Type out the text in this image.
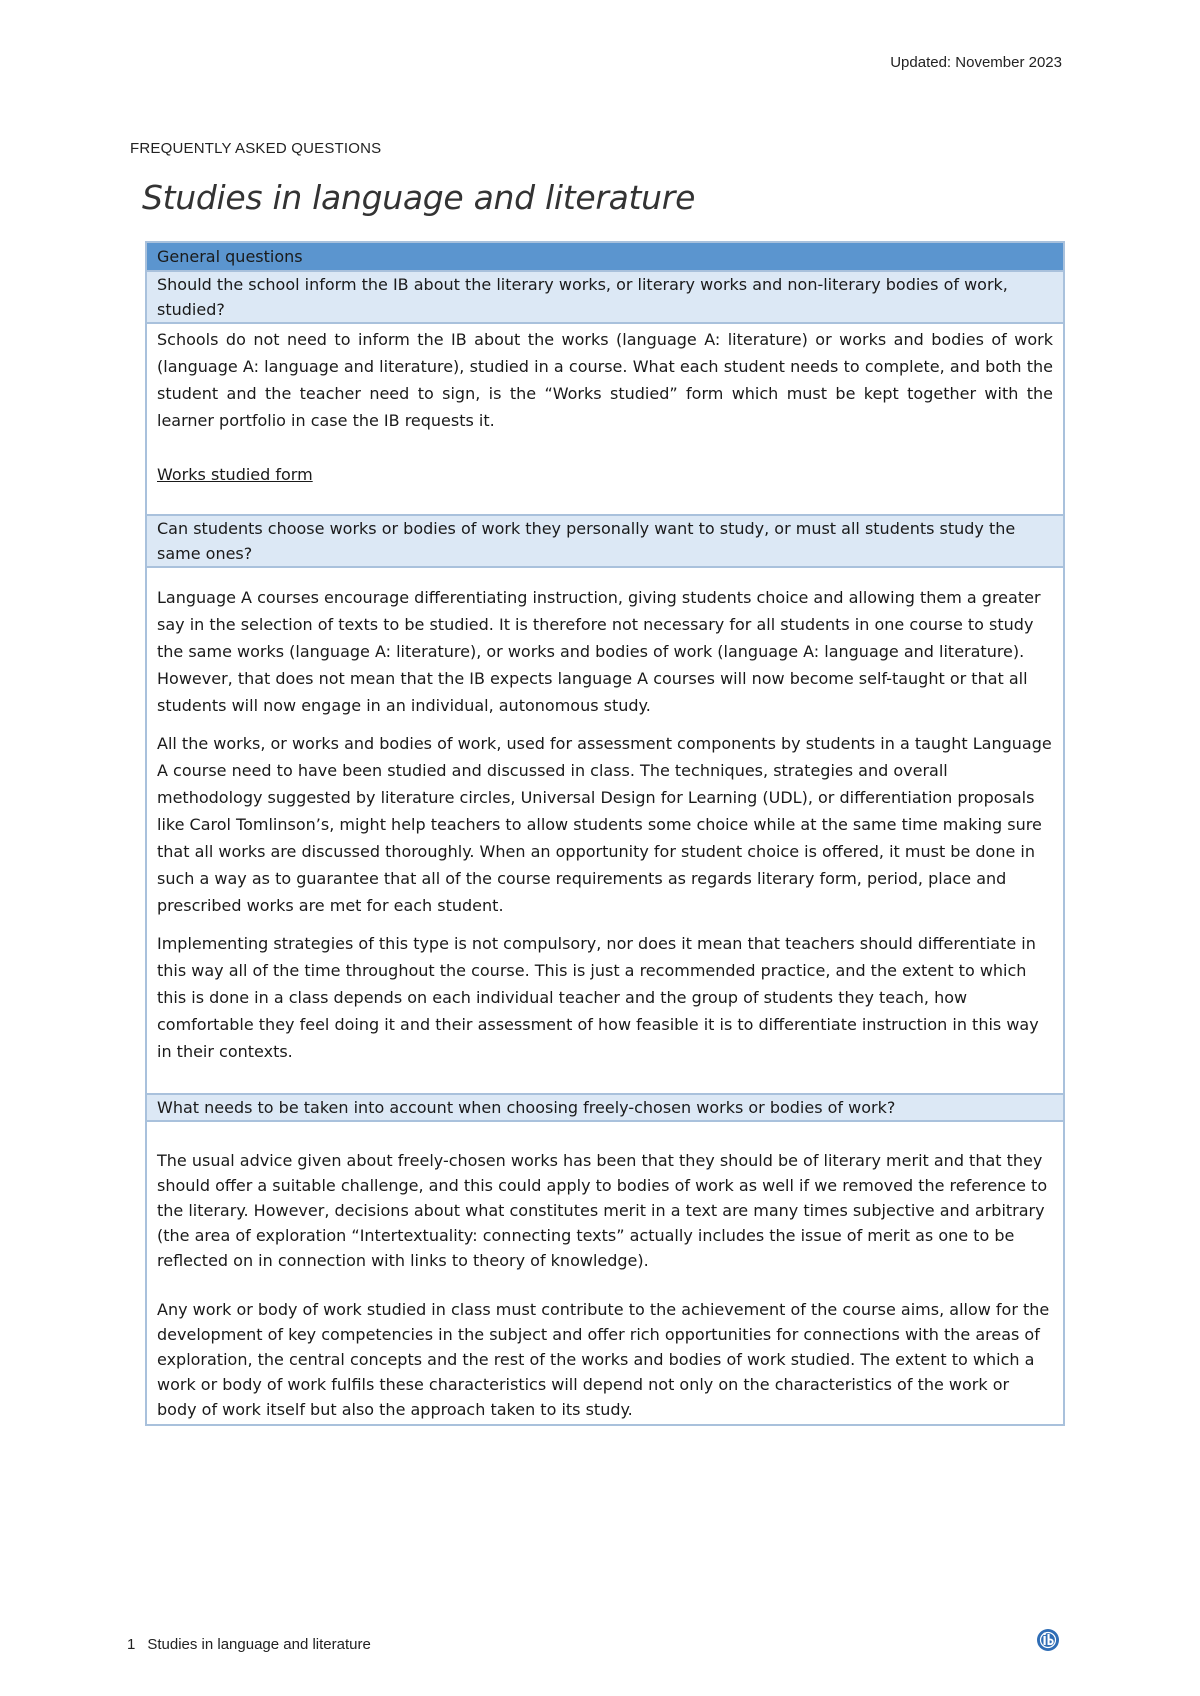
Updated: November 2023
FREQUENTLY ASKED QUESTIONS
Studies in language and literature
General questions
Should the school inform the IB about the literary works, or literary works and non-literary bodies of work, studied?

Schools do not need to inform the IB about the works (language A: literature) or works and bodies of work (language A: language and literature), studied in a course. What each student needs to complete, and both the student and the teacher need to sign, is the “Works studied” form which must be kept together with the learner portfolio in case the IB requests it.

Works studied form

Can students choose works or bodies of work they personally want to study, or must all students study the same ones?

Language A courses encourage differentiating instruction, giving students choice and allowing them a greater say in the selection of texts to be studied. It is therefore not necessary for all students in one course to study the same works (language A: literature), or works and bodies of work (language A: language and literature). However, that does not mean that the IB expects language A courses will now become self-taught or that all students will now engage in an individual, autonomous study.

All the works, or works and bodies of work, used for assessment components by students in a taught Language A course need to have been studied and discussed in class. The techniques, strategies and overall methodology suggested by literature circles, Universal Design for Learning (UDL), or differentiation proposals like Carol Tomlinson’s, might help teachers to allow students some choice while at the same time making sure that all works are discussed thoroughly. When an opportunity for student choice is offered, it must be done in such a way as to guarantee that all of the course requirements as regards literary form, period, place and prescribed works are met for each student.

Implementing strategies of this type is not compulsory, nor does it mean that teachers should differentiate in this way all of the time throughout the course. This is just a recommended practice, and the extent to which this is done in a class depends on each individual teacher and the group of students they teach, how comfortable they feel doing it and their assessment of how feasible it is to differentiate instruction in this way in their contexts.

What needs to be taken into account when choosing freely-chosen works or bodies of work?

The usual advice given about freely-chosen works has been that they should be of literary merit and that they should offer a suitable challenge, and this could apply to bodies of work as well if we removed the reference to the literary. However, decisions about what constitutes merit in a text are many times subjective and arbitrary (the area of exploration “Intertextuality: connecting texts” actually includes the issue of merit as one to be reflected on in connection with links to theory of knowledge).

Any work or body of work studied in class must contribute to the achievement of the course aims, allow for the development of key competencies in the subject and offer rich opportunities for connections with the areas of exploration, the central concepts and the rest of the works and bodies of work studied. The extent to which a work or body of work fulfils these characteristics will depend not only on the characteristics of the work or body of work itself but also the approach taken to its study.

1 Studies in language and literature
